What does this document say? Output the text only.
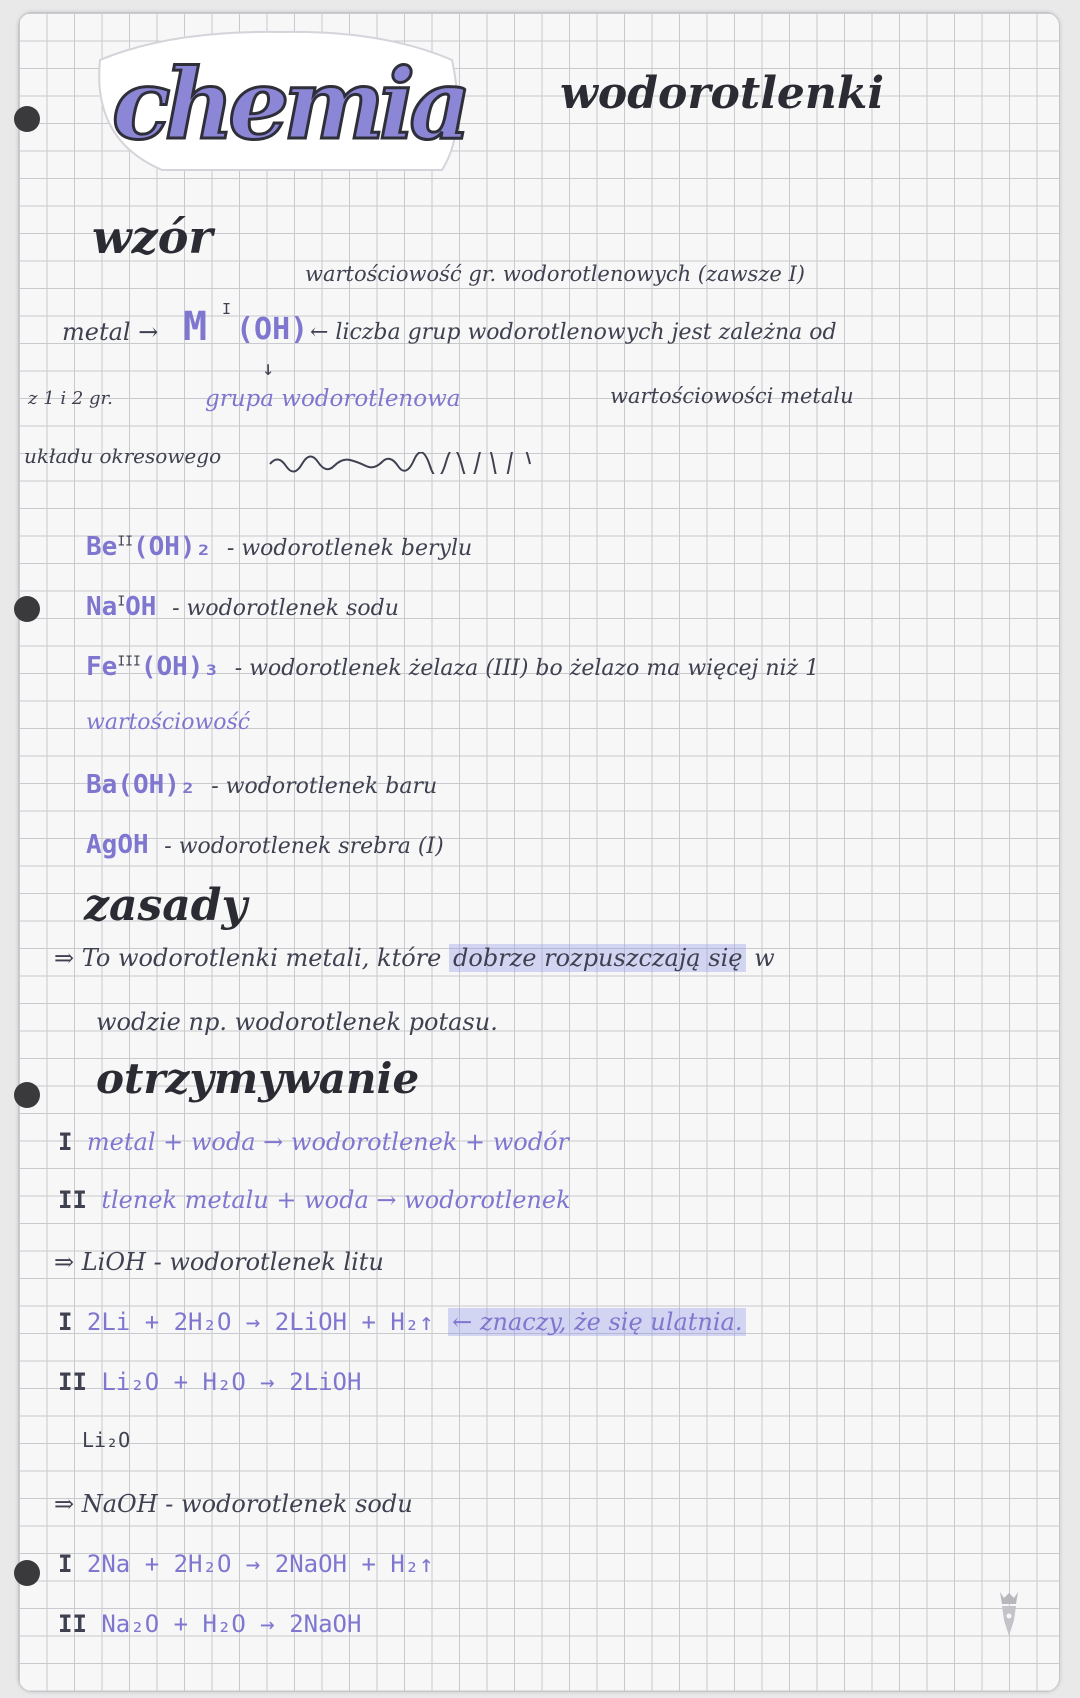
chemia wodorotlenki
wzór
wartościowość gr. wodorotlenowych (zawsze I)
metal → M I
(OH) ← liczba grup wodorotlenowych jest zależna od
↓
z 1 i 2 gr.	grupa wodorotlenowa	wartościowości metalu
układu okresowego
$Be^{II}(OH)_2$ - wodorotlenek berylu
$Na^IOH$ - wodorotlenek sodu
$Fe^{III}(OH)_3$ - wodorotlenek żelaza (III) bo żelazo ma więcej niż 1
wartościowość
Ba(OH)₂ - wodorotlenek baru
AgOH - wodorotlenek srebra (I)
zasady
⇒ To wodorotlenki metali, które dobrze rozpuszczają się w
wodzie np. wodorotlenek potasu.
otrzymywanie
I metal + woda → wodorotlenek + wodór
II tlenek metalu + woda → wodorotlenek
⇒ LiOH - wodorotlenek litu
I 2Li + 2H₂O → 2LiOH + H₂↑ ← znaczy, że się ulatnia.
II Li₂O + H₂O → 2LiOH
Li₂O
⇒ NaOH - wodorotlenek sodu
I 2Na + 2H₂O → 2NaOH + H₂↑
II Na₂O + H₂O → 2NaOH
